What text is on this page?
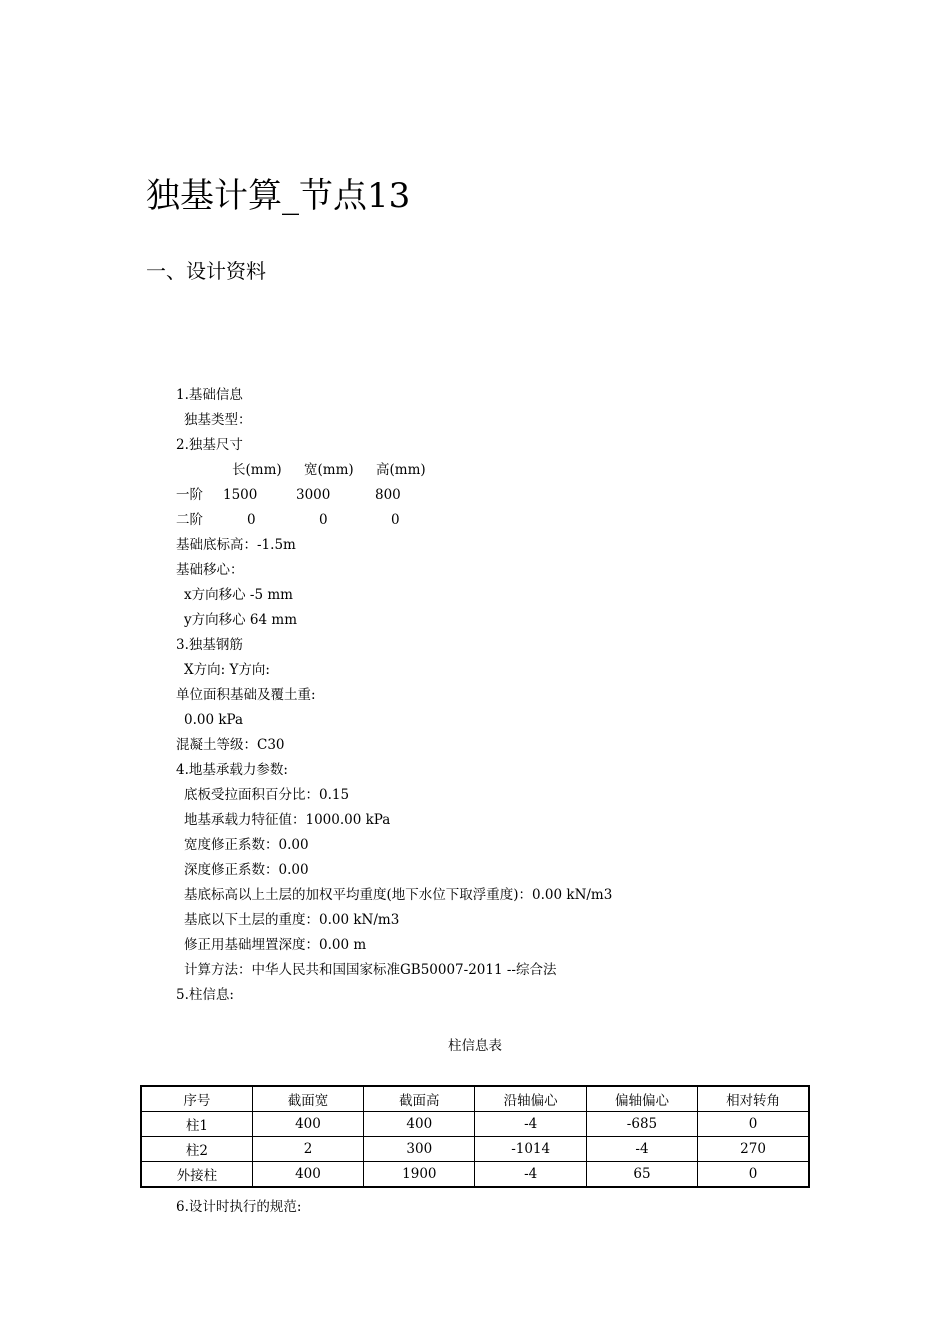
独基计算_节点13
一、设计资料
1.基础信息
独基类型：
2.独基尺寸
长(mm) 宽(mm) 高(mm)
一阶 1500	3000	800
二阶	0	0	0
基础底标高：-1.5m
基础移心：
x方向移心 -5 mm
y方向移心 64 mm
3.独基钢筋
X方向: Y方向:
单位面积基础及覆土重:
0.00 kPa
混凝土等级：C30
4.地基承载力参数:
底板受拉面积百分比：0.15
地基承载力特征值：1000.00 kPa
宽度修正系数：0.00
深度修正系数：0.00
基底标高以上土层的加权平均重度(地下水位下取浮重度)：0.00 kN/m3
基底以下土层的重度：0.00 kN/m3
修正用基础埋置深度：0.00 m
计算方法：中华人民共和国国家标准GB50007-2011 --综合法
5.柱信息:
柱信息表
序号	截面宽	截面高	沿轴偏心	偏轴偏心	相对转角
柱1	400	400	-4	-685	0
柱2	2	300	-1014	-4	270
外接柱	400	1900	-4	65	0
6.设计时执行的规范:
